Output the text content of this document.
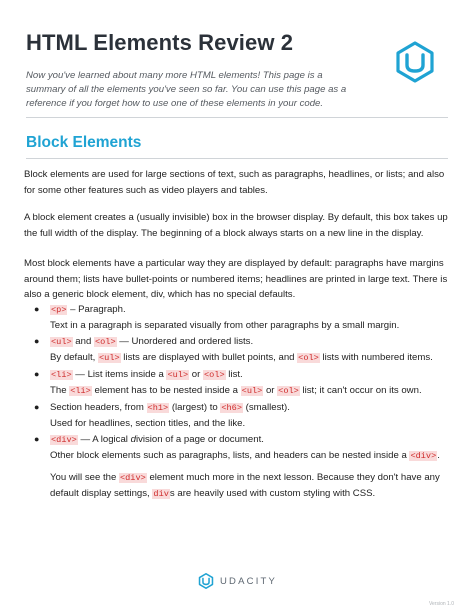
HTML Elements Review 2

Now you've learned about many more HTML elements! This page is a summary of all the elements you've seen so far. You can use this page as a reference if you forget how to use one of these elements in your code.

Block Elements

Block elements are used for large sections of text, such as paragraphs, headlines, or lists; and also for some other features such as video players and tables.

A block element creates a (usually invisible) box in the browser display. By default, this box takes up the full width of the display. The beginning of a block always starts on a new line in the display.

Most block elements have a particular way they are displayed by default: paragraphs have margins around them; lists have bullet-points or numbered items; headlines are printed in large text. There is also a generic block element, div, which has no special defaults.

● <p> – Paragraph.
Text in a paragraph is separated visually from other paragraphs by a small margin.
● <ul> and <ol> — Unordered and ordered lists.
By default, <ul> lists are displayed with bullet points, and <ol> lists with numbered items.
● <li> — List items inside a <ul> or <ol> list.
The <li> element has to be nested inside a <ul> or <ol> list; it can't occur on its own.
● Section headers, from <h1> (largest) to <h6> (smallest).
Used for headlines, section titles, and the like.
● <div> — A logical division of a page or document.
Other block elements such as paragraphs, lists, and headers can be nested inside a <div>.

You will see the <div> element much more in the next lesson. Because they don't have any default display settings, divs are heavily used with custom styling with CSS.

UDACITY
Version 1.0
